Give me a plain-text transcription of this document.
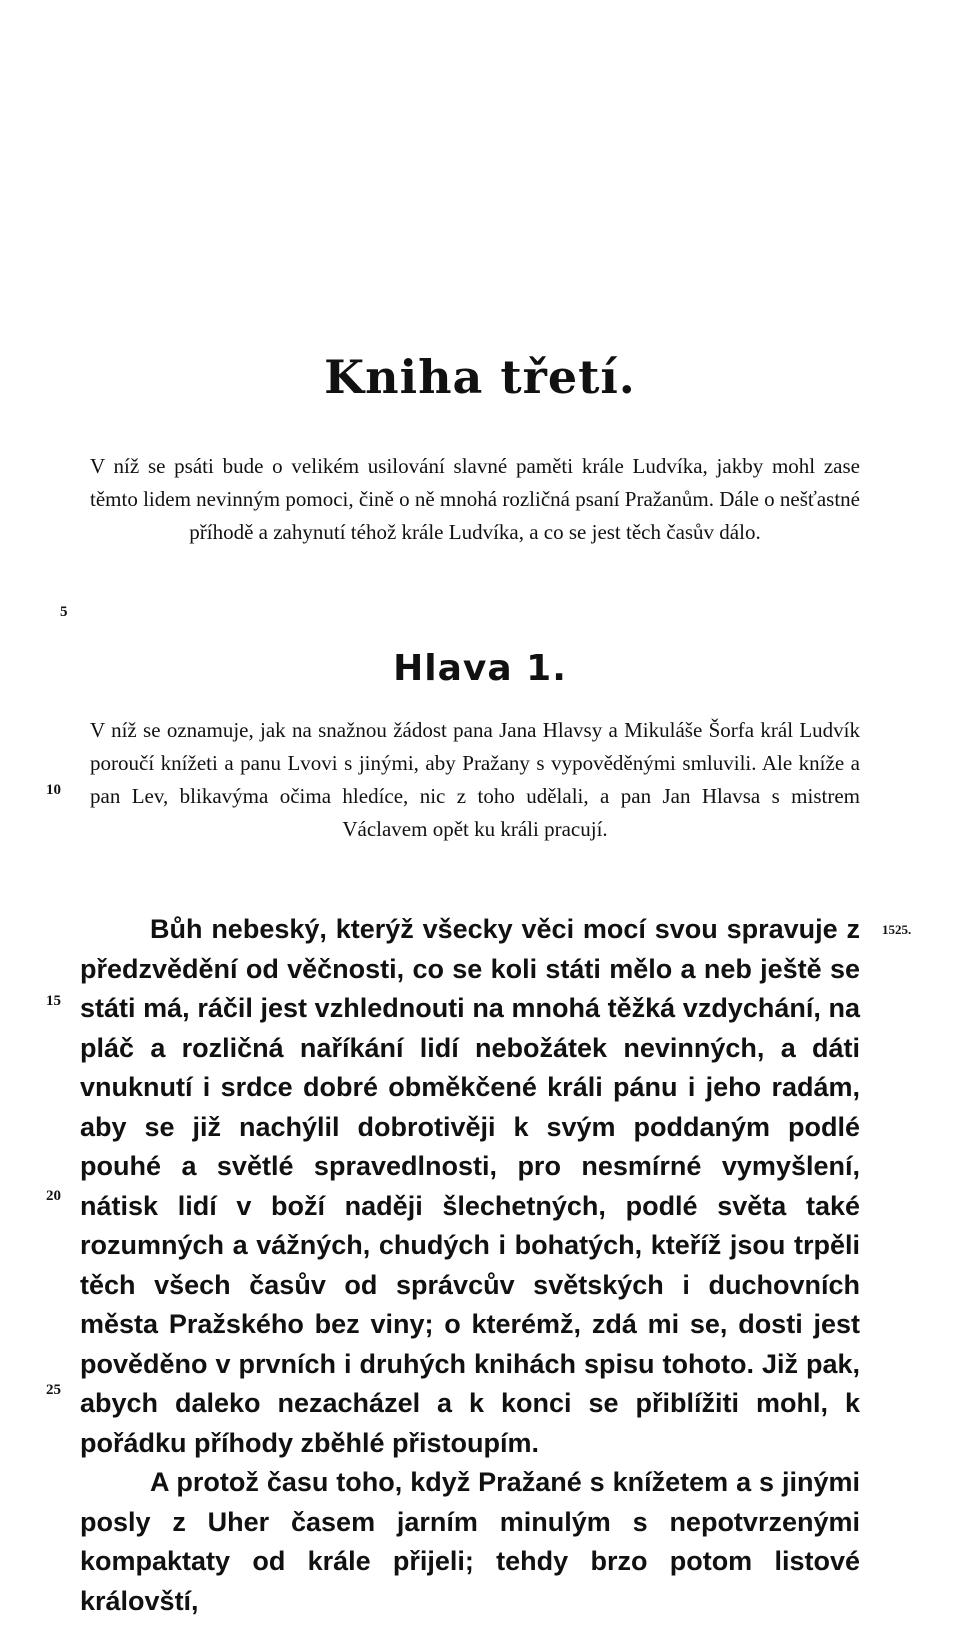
Kniha třetí.

V níž se psáti bude o velikém usilování slavné paměti krále Ludvíka, jakby mohl zase těmto lidem nevinným pomoci, čině o ně mnohá rozličná psaní Pražanům. Dále o nešťastné příhodě a zahynutí téhož krále Ludvíka, a co se jest těch časův dálo.

5
Hlava 1.

V níž se oznamuje, jak na snažnou žádost pana Jana Hlavsy a Mikuláše Šorfa král Ludvík poroučí knížeti a panu Lvovi s jinými, aby Pražany s vypověděnými smluvili. Ale kníže a pan Lev, blikavýma očima hledíce, nic z toho udělali, a pan Jan Hlavsa s mistrem Václavem opět ku králi pracují.

10
1525.
15
20
25

Bůh nebeský, kterýž všecky věci mocí svou spravuje z předzvědění od věčnosti, co se koli státi mělo a neb ještě se státi má, ráčil jest vzhlednouti na mnohá těžká vzdychání, na pláč a rozličná naříkání lidí nebožátek nevinných, a dáti vnuknutí i srdce dobré obměkčené králi pánu i jeho radám, aby se již nachýlil dobrotivěji k svým poddaným podlé pouhé a světlé spravedlnosti, pro nesmírné vymyšlení, nátisk lidí v boží naději šlechetných, podlé světa také rozumných a vážných, chudých i bohatých, kteříž jsou trpěli těch všech časův od správcův světských i duchovních města Pražského bez viny; o kterémž, zdá mi se, dosti jest pověděno v prvních i druhých knihách spisu tohoto. Již pak, abych daleko nezacházel a k konci se přiblížiti mohl, k pořádku příhody zběhlé přistoupím.

A protož času toho, když Pražané s knížetem a s jinými posly z Uher časem jarním minulým s nepotvrzenými kompaktaty od krále přijeli; tehdy brzo potom listové královští,
